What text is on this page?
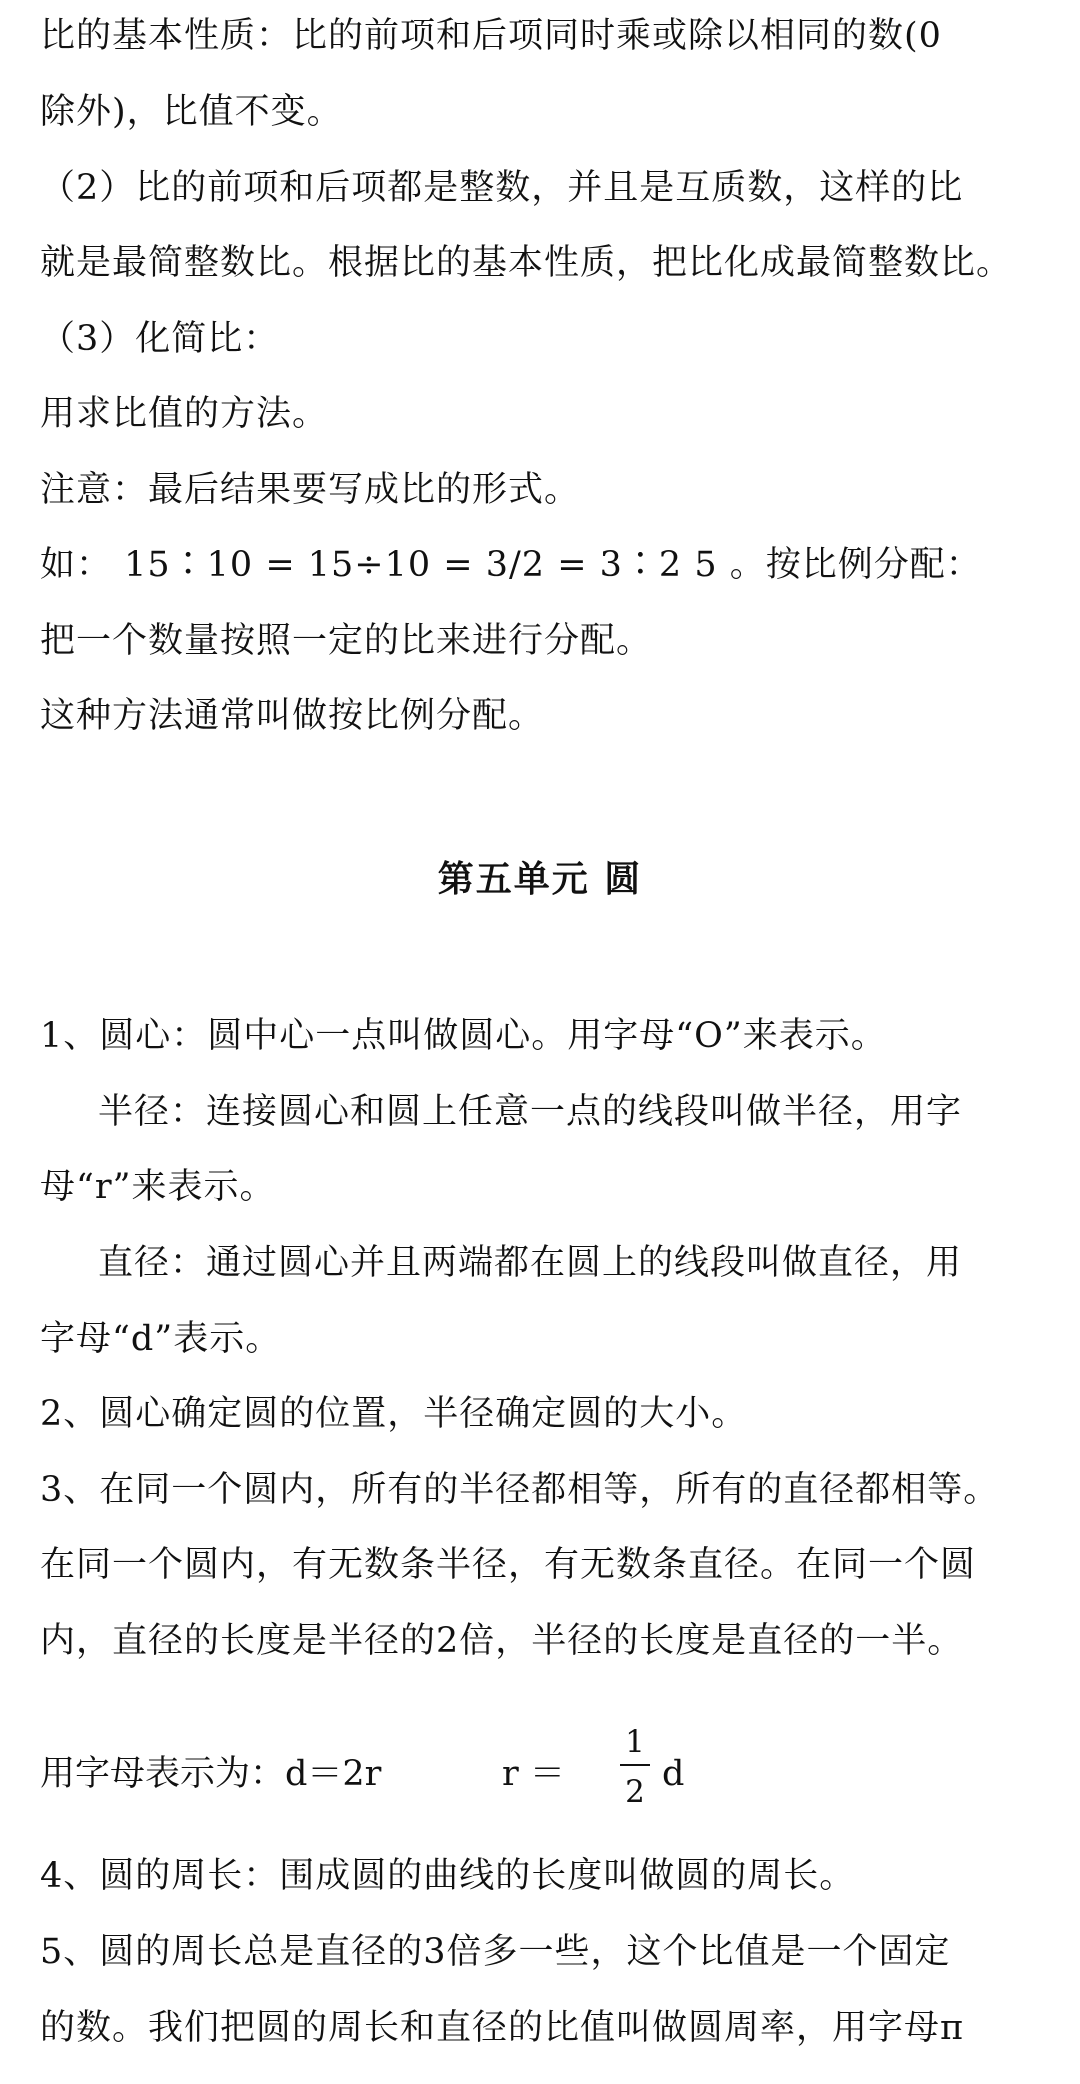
比的基本性质：比的前项和后项同时乘或除以相同的数(0
除外)，比值不变。
（2）比的前项和后项都是整数，并且是互质数，这样的比
就是最简整数比。根据比的基本性质，把比化成最简整数比。
（3）化简比：
用求比值的方法。
注意：最后结果要写成比的形式。
如： 15∶10 = 15÷10 = 3/2 = 3∶2 5 。按比例分配：
把一个数量按照一定的比来进行分配。
这种方法通常叫做按比例分配。
第五单元 圆
1、圆心：圆中心一点叫做圆心。用字母“O”来表示。
半径：连接圆心和圆上任意一点的线段叫做半径，用字
母“r”来表示。
直径：通过圆心并且两端都在圆上的线段叫做直径，用
字母“d”表示。
2、圆心确定圆的位置，半径确定圆的大小。
3、在同一个圆内，所有的半径都相等，所有的直径都相等。
在同一个圆内，有无数条半径，有无数条直径。在同一个圆
内，直径的长度是半径的2倍，半径的长度是直径的一半。
用字母表示为：d＝2r	r ＝
1
2 d
4、圆的周长：围成圆的曲线的长度叫做圆的周长。
5、圆的周长总是直径的3倍多一些，这个比值是一个固定
的数。我们把圆的周长和直径的比值叫做圆周率，用字母π
